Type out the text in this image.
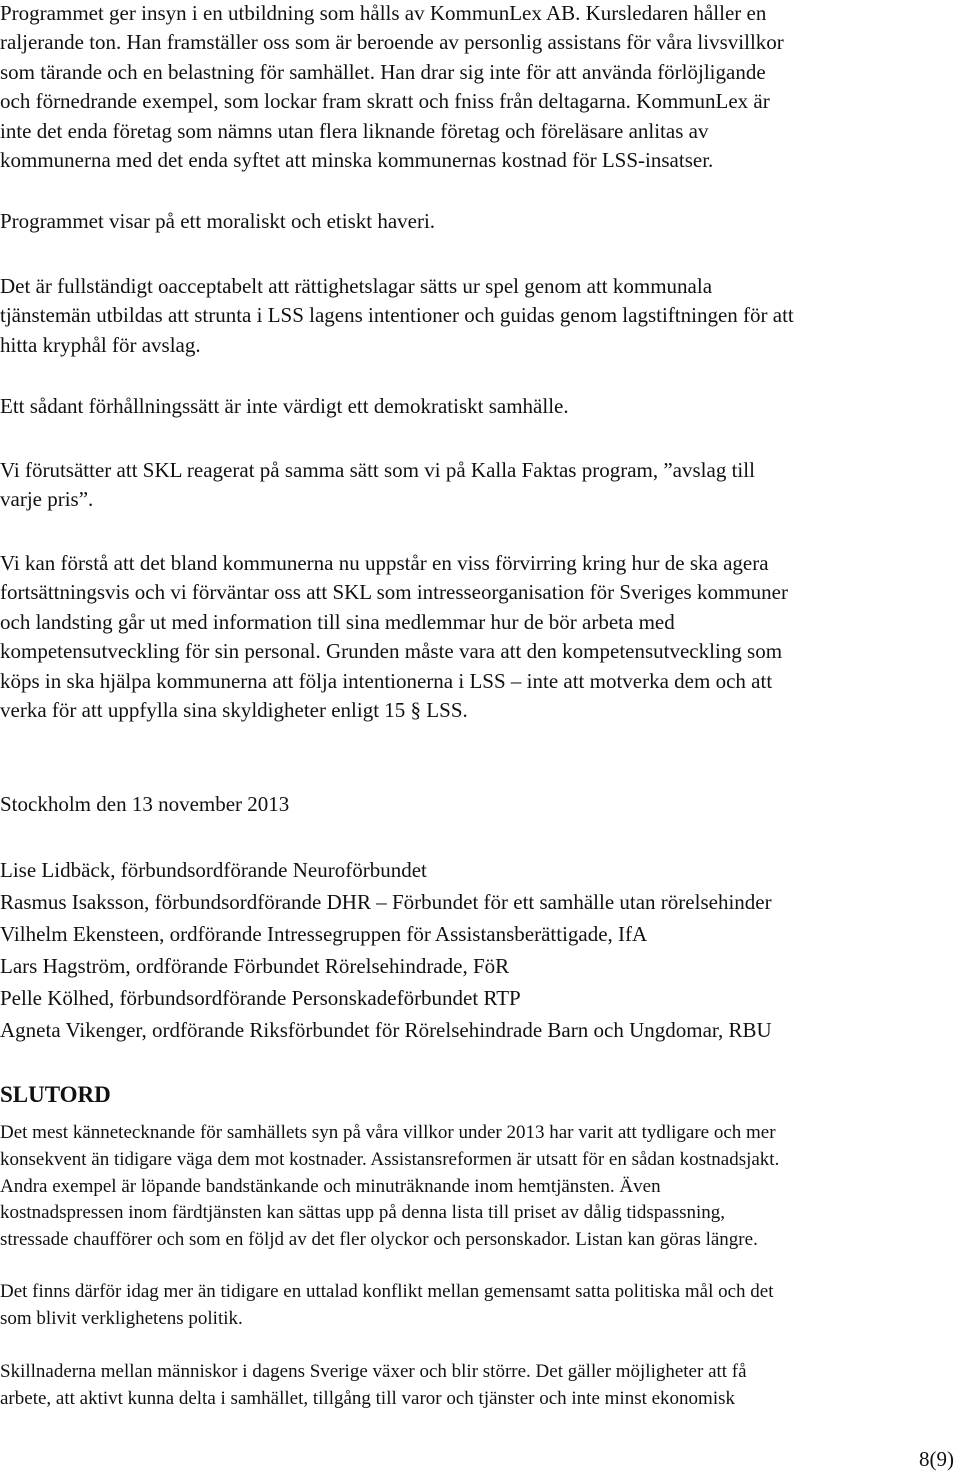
Programmet ger insyn i en utbildning som hålls av KommunLex AB. Kursledaren håller en
raljerande ton. Han framställer oss som är beroende av personlig assistans för våra livsvillkor
som tärande och en belastning för samhället. Han drar sig inte för att använda förlöjligande
och förnedrande exempel, som lockar fram skratt och fniss från deltagarna. KommunLex är
inte det enda företag som nämns utan flera liknande företag och föreläsare anlitas av
kommunerna med det enda syftet att minska kommunernas kostnad för LSS-insatser.
Programmet visar på ett moraliskt och etiskt haveri.
Det är fullständigt oacceptabelt att rättighetslagar sätts ur spel genom att kommunala
tjänstemän utbildas att strunta i LSS lagens intentioner och guidas genom lagstiftningen för att
hitta kryphål för avslag.
Ett sådant förhållningssätt är inte värdigt ett demokratiskt samhälle.
Vi förutsätter att SKL reagerat på samma sätt som vi på Kalla Faktas program, ”avslag till
varje pris”.
Vi kan förstå att det bland kommunerna nu uppstår en viss förvirring kring hur de ska agera
fortsättningsvis och vi förväntar oss att SKL som intresseorganisation för Sveriges kommuner
och landsting går ut med information till sina medlemmar hur de bör arbeta med
kompetensutveckling för sin personal. Grunden måste vara att den kompetensutveckling som
köps in ska hjälpa kommunerna att följa intentionerna i LSS – inte att motverka dem och att
verka för att uppfylla sina skyldigheter enligt 15 § LSS.
Stockholm den 13 november 2013
Lise Lidbäck, förbundsordförande Neuroförbundet
Rasmus Isaksson, förbundsordförande DHR – Förbundet för ett samhälle utan rörelsehinder
Vilhelm Ekensteen, ordförande Intressegruppen för Assistansberättigade, IfA
Lars Hagström, ordförande Förbundet Rörelsehindrade, FöR
Pelle Kölhed, förbundsordförande Personskadeförbundet RTP
Agneta Vikenger, ordförande Riksförbundet för Rörelsehindrade Barn och Ungdomar, RBU
SLUTORD
Det mest kännetecknande för samhällets syn på våra villkor under 2013 har varit att tydligare och mer
konsekvent än tidigare väga dem mot kostnader. Assistansreformen är utsatt för en sådan kostnadsjakt.
Andra exempel är löpande bandstänkande och minuträknande inom hemtjänsten. Även
kostnadspressen inom färdtjänsten kan sättas upp på denna lista till priset av dålig tidspassning,
stressade chaufförer och som en följd av det fler olyckor och personskador. Listan kan göras längre.
Det finns därför idag mer än tidigare en uttalad konflikt mellan gemensamt satta politiska mål och det
som blivit verklighetens politik.
Skillnaderna mellan människor i dagens Sverige växer och blir större. Det gäller möjligheter att få
arbete, att aktivt kunna delta i samhället, tillgång till varor och tjänster och inte minst ekonomisk
8(9)
